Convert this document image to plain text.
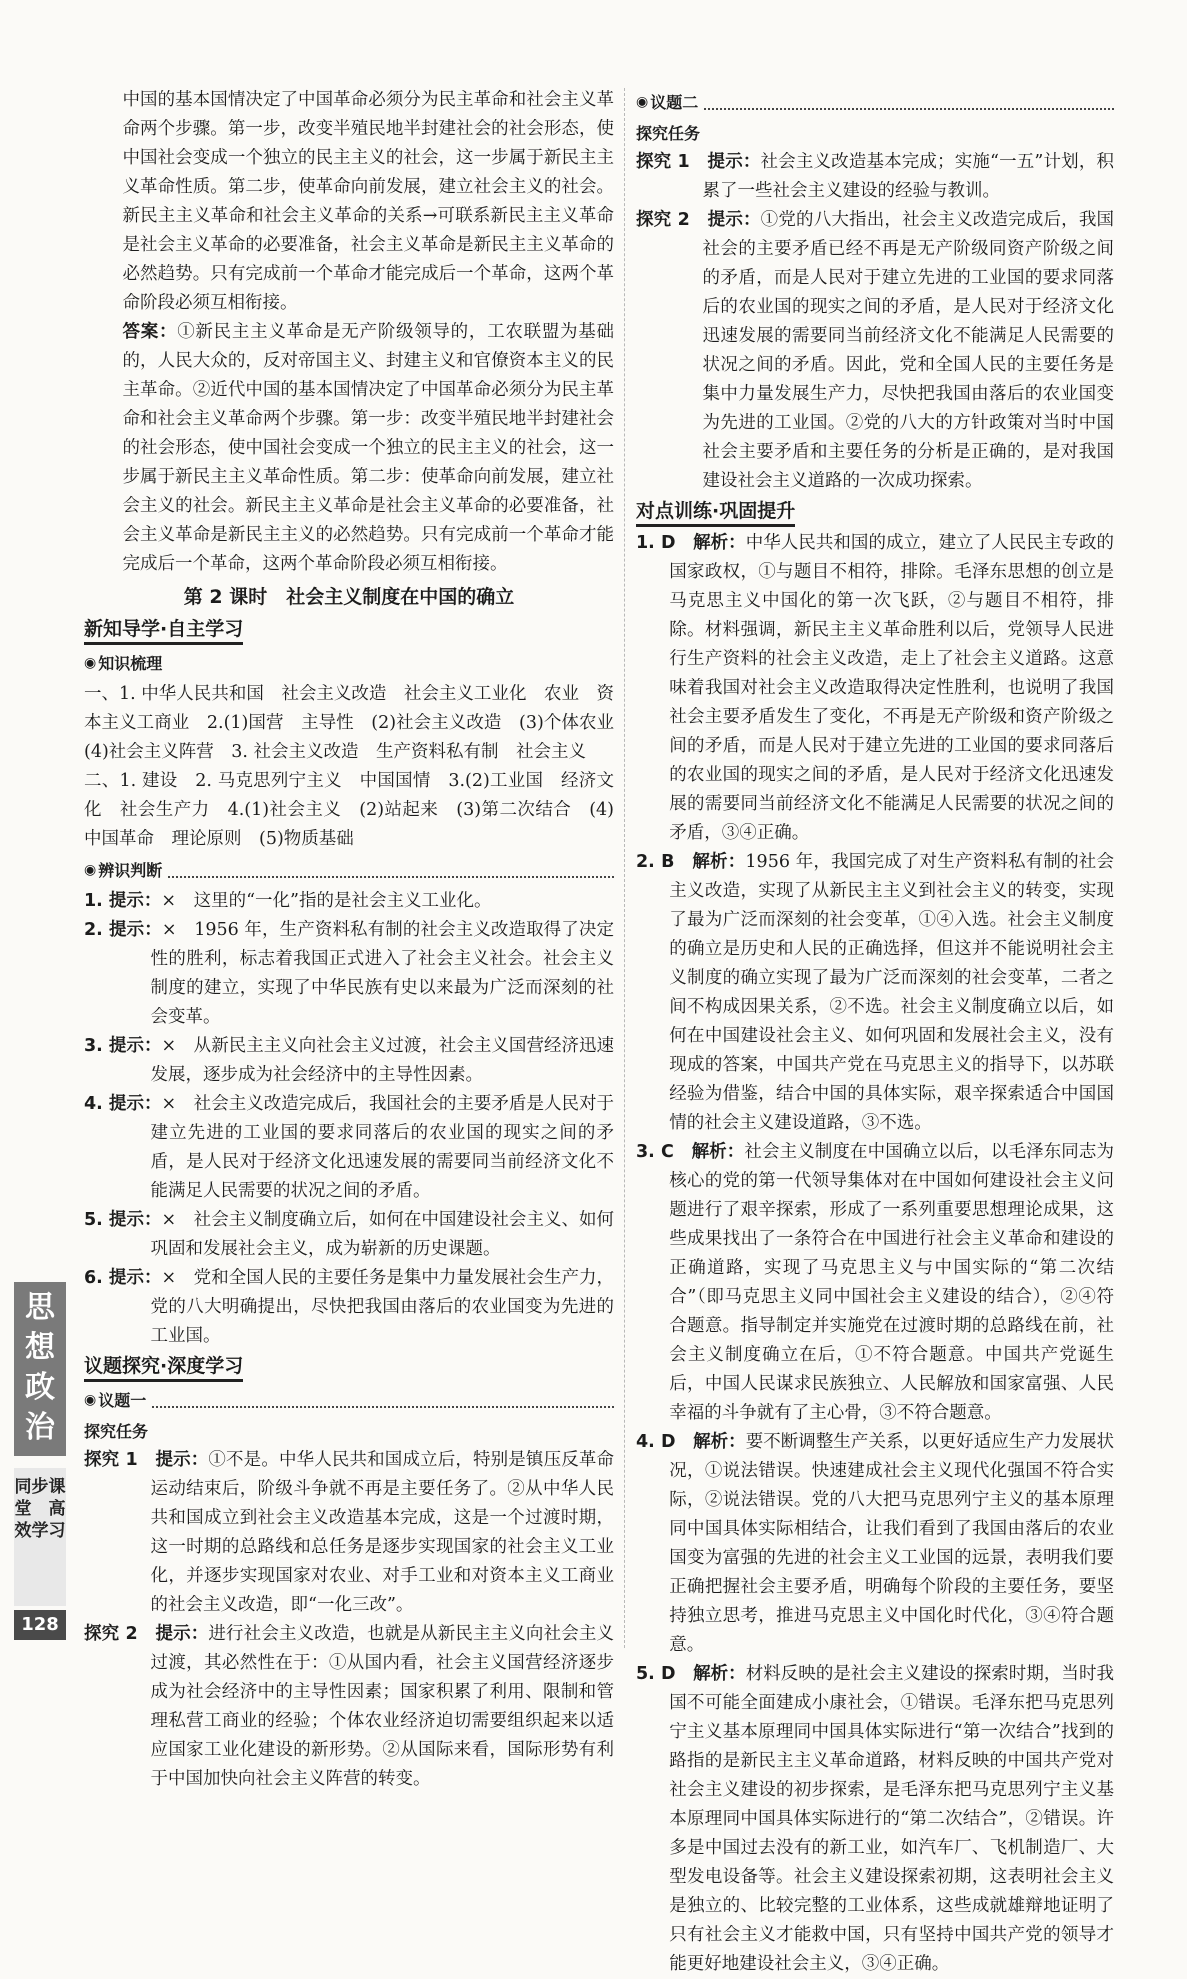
中国的基本国情决定了中国革命必须分为民主革命和社会主义革命两个步骤。第一步，改变半殖民地半封建社会的社会形态，使中国社会变成一个独立的民主主义的社会，这一步属于新民主主义革命性质。第二步，使革命向前发展，建立社会主义的社会。新民主主义革命和社会主义革命的关系→可联系新民主主义革命是社会主义革命的必要准备，社会主义革命是新民主主义革命的必然趋势。只有完成前一个革命才能完成后一个革命，这两个革命阶段必须互相衔接。

答案：①新民主主义革命是无产阶级领导的，工农联盟为基础的，人民大众的，反对帝国主义、封建主义和官僚资本主义的民主革命。②近代中国的基本国情决定了中国革命必须分为民主革命和社会主义革命两个步骤。第一步：改变半殖民地半封建社会的社会形态，使中国社会变成一个独立的民主主义的社会，这一步属于新民主主义革命性质。第二步：使革命向前发展，建立社会主义的社会。新民主主义革命是社会主义革命的必要准备，社会主义革命是新民主主义的必然趋势。只有完成前一个革命才能完成后一个革命，这两个革命阶段必须互相衔接。

第 2 课时　社会主义制度在中国的确立
新知导学·自主学习
◉ 知识梳理

一、1. 中华人民共和国　社会主义改造　社会主义工业化　农业　资本主义工商业　2.(1)国营　主导性　(2)社会主义改造　(3)个体农业　(4)社会主义阵营　3. 社会主义改造　生产资料私有制　社会主义

二、1. 建设　2. 马克思列宁主义　中国国情　3.(2)工业国　经济文化　社会生产力　4.(1)社会主义　(2)站起来　(3)第二次结合　(4)中国革命　理论原则　(5)物质基础

◉ 辨识判断

1. 提示：×　这里的“一化”指的是社会主义工业化。

2. 提示：×　1956 年，生产资料私有制的社会主义改造取得了决定性的胜利，标志着我国正式进入了社会主义社会。社会主义制度的建立，实现了中华民族有史以来最为广泛而深刻的社会变革。

3. 提示：×　从新民主主义向社会主义过渡，社会主义国营经济迅速发展，逐步成为社会经济中的主导性因素。

4. 提示：×　社会主义改造完成后，我国社会的主要矛盾是人民对于建立先进的工业国的要求同落后的农业国的现实之间的矛盾，是人民对于经济文化迅速发展的需要同当前经济文化不能满足人民需要的状况之间的矛盾。

5. 提示：×　社会主义制度确立后，如何在中国建设社会主义、如何巩固和发展社会主义，成为崭新的历史课题。

6. 提示：×　党和全国人民的主要任务是集中力量发展社会生产力，党的八大明确提出，尽快把我国由落后的农业国变为先进的工业国。

议题探究·深度学习
◉ 议题一
探究任务

探究 1　提示：①不是。中华人民共和国成立后，特别是镇压反革命运动结束后，阶级斗争就不再是主要任务了。②从中华人民共和国成立到社会主义改造基本完成，这是一个过渡时期，这一时期的总路线和总任务是逐步实现国家的社会主义工业化，并逐步实现国家对农业、对手工业和对资本主义工商业的社会主义改造，即“一化三改”。

探究 2　提示：进行社会主义改造，也就是从新民主主义向社会主义过渡，其必然性在于：①从国内看，社会主义国营经济逐步成为社会经济中的主导性因素；国家积累了利用、限制和管理私营工商业的经验；个体农业经济迫切需要组织起来以适应国家工业化建设的新形势。②从国际来看，国际形势有利于中国加快向社会主义阵营的转变。

◉ 议题二
探究任务

探究 1　提示：社会主义改造基本完成；实施“一五”计划，积累了一些社会主义建设的经验与教训。

探究 2　提示：①党的八大指出，社会主义改造完成后，我国社会的主要矛盾已经不再是无产阶级同资产阶级之间的矛盾，而是人民对于建立先进的工业国的要求同落后的农业国的现实之间的矛盾，是人民对于经济文化迅速发展的需要同当前经济文化不能满足人民需要的状况之间的矛盾。因此，党和全国人民的主要任务是集中力量发展生产力，尽快把我国由落后的农业国变为先进的工业国。②党的八大的方针政策对当时中国社会主要矛盾和主要任务的分析是正确的，是对我国建设社会主义道路的一次成功探索。

对点训练·巩固提升

1. D　解析：中华人民共和国的成立，建立了人民民主专政的国家政权，①与题目不相符，排除。毛泽东思想的创立是马克思主义中国化的第一次飞跃，②与题目不相符，排除。材料强调，新民主主义革命胜利以后，党领导人民进行生产资料的社会主义改造，走上了社会主义道路。这意味着我国对社会主义改造取得决定性胜利，也说明了我国社会主要矛盾发生了变化，不再是无产阶级和资产阶级之间的矛盾，而是人民对于建立先进的工业国的要求同落后的农业国的现实之间的矛盾，是人民对于经济文化迅速发展的需要同当前经济文化不能满足人民需要的状况之间的矛盾，③④正确。

2. B　解析：1956 年，我国完成了对生产资料私有制的社会主义改造，实现了从新民主主义到社会主义的转变，实现了最为广泛而深刻的社会变革，①④入选。社会主义制度的确立是历史和人民的正确选择，但这并不能说明社会主义制度的确立实现了最为广泛而深刻的社会变革，二者之间不构成因果关系，②不选。社会主义制度确立以后，如何在中国建设社会主义、如何巩固和发展社会主义，没有现成的答案，中国共产党在马克思主义的指导下，以苏联经验为借鉴，结合中国的具体实际，艰辛探索适合中国国情的社会主义建设道路，③不选。

3. C　解析：社会主义制度在中国确立以后，以毛泽东同志为核心的党的第一代领导集体对在中国如何建设社会主义问题进行了艰辛探索，形成了一系列重要思想理论成果，这些成果找出了一条符合在中国进行社会主义革命和建设的正确道路，实现了马克思主义与中国实际的“第二次结合”（即马克思主义同中国社会主义建设的结合），②④符合题意。指导制定并实施党在过渡时期的总路线在前，社会主义制度确立在后，①不符合题意。中国共产党诞生后，中国人民谋求民族独立、人民解放和国家富强、人民幸福的斗争就有了主心骨，③不符合题意。

4. D　解析：要不断调整生产关系，以更好适应生产力发展状况，①说法错误。快速建成社会主义现代化强国不符合实际，②说法错误。党的八大把马克思列宁主义的基本原理同中国具体实际相结合，让我们看到了我国由落后的农业国变为富强的先进的社会主义工业国的远景，表明我们要正确把握社会主要矛盾，明确每个阶段的主要任务，要坚持独立思考，推进马克思主义中国化时代化，③④符合题意。

5. D　解析：材料反映的是社会主义建设的探索时期，当时我国不可能全面建成小康社会，①错误。毛泽东把马克思列宁主义基本原理同中国具体实际进行“第一次结合”找到的路指的是新民主主义革命道路，材料反映的中国共产党对社会主义建设的初步探索，是毛泽东把马克思列宁主义基本原理同中国具体实际进行的“第二次结合”，②错误。许多是中国过去没有的新工业，如汽车厂、飞机制造厂、大型发电设备等。社会主义建设探索初期，这表明社会主义是独立的、比较完整的工业体系，这些成就雄辩地证明了只有社会主义才能救中国，只有坚持中国共产党的领导才能更好地建设社会主义，③④正确。

思想政治
同步课堂　高效学习
128
